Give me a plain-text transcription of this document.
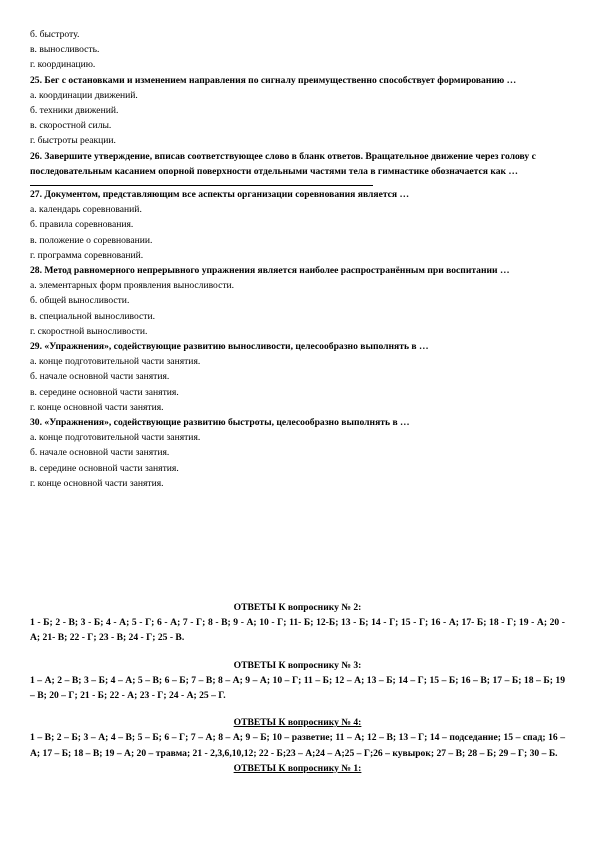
б. быстроту.
в. выносливость.
г. координацию.
25. Бег с остановками и изменением направления по сигналу преимущественно способствует формированию …
а. координации движений.
б. техники движений.
в. скоростной силы.
г. быстроты реакции.
26. Завершите утверждение, вписав соответствующее слово в бланк ответов. Вращательное движение через голову с последовательным касанием опорной поверхности отдельными частями тела в гимнастике обозначается как …
27. Документом, представляющим все аспекты организации соревнования является …
а. календарь соревнований.
б. правила соревнования.
в. положение о соревновании.
г. программа соревнований.
28. Метод равномерного непрерывного упражнения является наиболее распространённым при воспитании …
а. элементарных форм проявления выносливости.
б. общей выносливости.
в. специальной выносливости.
г. скоростной выносливости.
29. «Упражнения», содействующие развитию выносливости, целесообразно выполнять в …
а. конце подготовительной части занятия.
б. начале основной части занятия.
в. середине основной части занятия.
г. конце основной части занятия.
30. «Упражнения», содействующие развитию быстроты, целесообразно выполнять в …
а. конце подготовительной части занятия.
б. начале основной части занятия.
в. середине основной части занятия.
г. конце основной части занятия.
ОТВЕТЫ К вопроснику № 2:
1 - Б; 2 - В; 3 - Б; 4 - А; 5 - Г; 6 - А; 7 - Г; 8 - В; 9 - А; 10 - Г; 11- Б; 12-Б; 13 - Б; 14 - Г; 15 - Г; 16 - А; 17- Б; 18 - Г; 19 - А; 20 - А; 21- В; 22 - Г; 23 - В; 24 - Г; 25 - В.
ОТВЕТЫ К вопроснику № 3:
1 – А; 2 – В; 3 – Б; 4 – А; 5 – В; 6 – Б; 7 – В; 8 – А; 9 – А; 10 – Г; 11 – Б; 12 – А; 13 – Б; 14 – Г; 15 – Б; 16 – В; 17 – Б; 18 – Б; 19 – В; 20 – Г; 21 - Б; 22 - А; 23 - Г; 24 - А; 25 – Г.
ОТВЕТЫ К вопроснику № 4:
1 – В; 2 – Б; 3 – А; 4 – В; 5 – Б; 6 – Г; 7 – А; 8 – А; 9 – Б; 10 – разветие; 11 – А; 12 – В; 13 – Г; 14 – подседание; 15 – спад; 16 – А; 17 – Б; 18 – В; 19 – А; 20 – травма; 21 - 2,3,6,10,12; 22 - Б;23 – А;24 – А;25 – Г;26 – кувырок; 27 – В; 28 – Б; 29 – Г; 30 – Б.
ОТВЕТЫ К вопроснику № 1:
